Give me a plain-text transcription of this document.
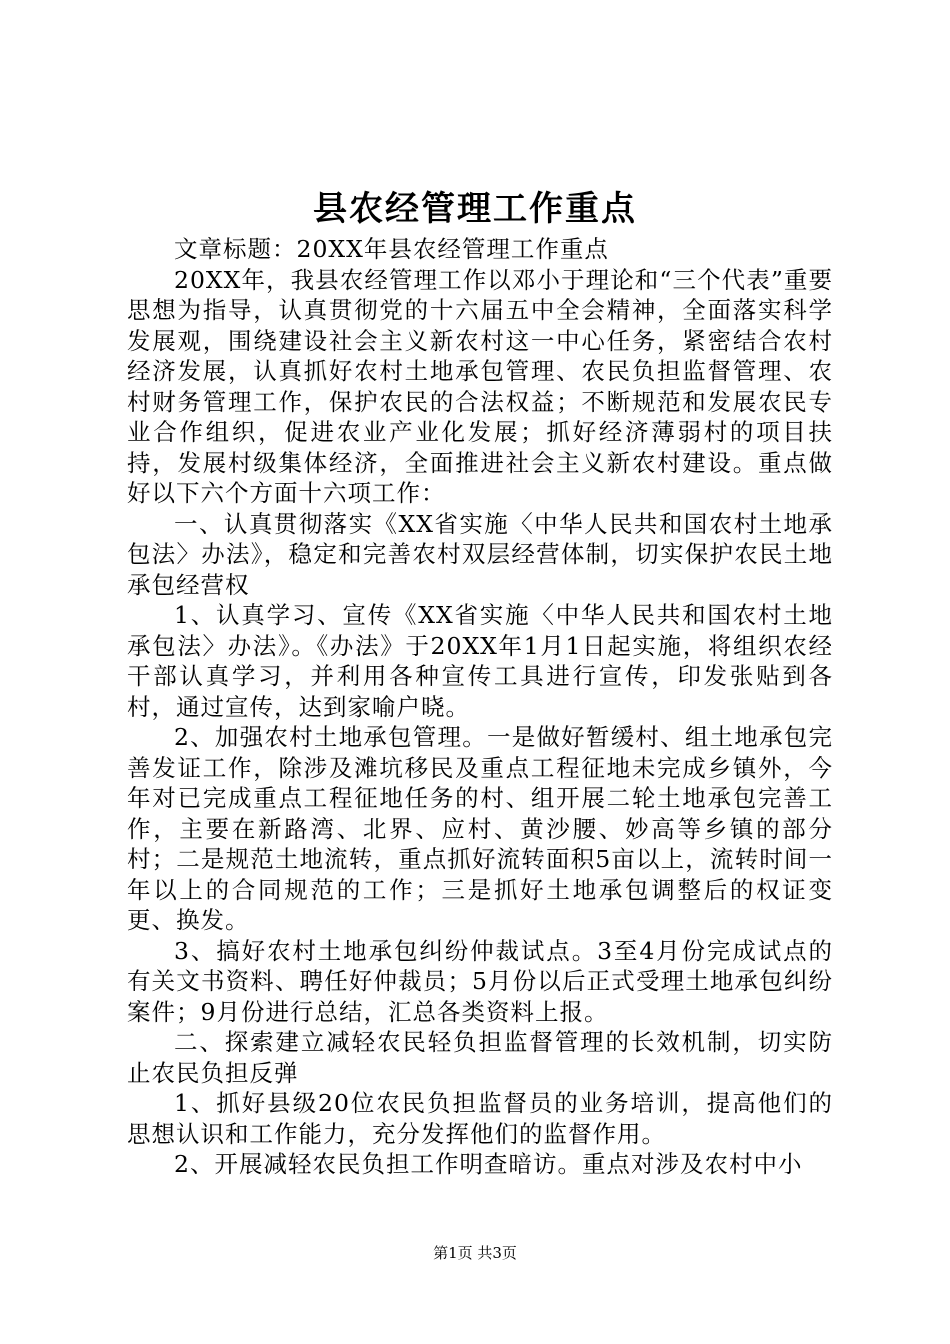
县农经管理工作重点

文章标题：20XX年县农经管理工作重点

20XX年，我县农经管理工作以邓小于理论和“三个代表”重要思想为指导，认真贯彻党的十六届五中全会精神，全面落实科学发展观，围绕建设社会主义新农村这一中心任务，紧密结合农村经济发展，认真抓好农村土地承包管理、农民负担监督管理、农村财务管理工作，保护农民的合法权益；不断规范和发展农民专业合作组织，促进农业产业化发展；抓好经济薄弱村的项目扶持，发展村级集体经济，全面推进社会主义新农村建设。重点做好以下六个方面十六项工作：

一、认真贯彻落实《XX省实施〈中华人民共和国农村土地承包法〉办法》，稳定和完善农村双层经营体制，切实保护农民土地承包经营权

1、认真学习、宣传《XX省实施〈中华人民共和国农村土地承包法〉办法》。《办法》于20XX年1月1日起实施，将组织农经干部认真学习，并利用各种宣传工具进行宣传，印发张贴到各村，通过宣传，达到家喻户晓。

2、加强农村土地承包管理。一是做好暂缓村、组土地承包完善发证工作，除涉及滩坑移民及重点工程征地未完成乡镇外，今年对已完成重点工程征地任务的村、组开展二轮土地承包完善工作，主要在新路湾、北界、应村、黄沙腰、妙高等乡镇的部分村；二是规范土地流转，重点抓好流转面积5亩以上，流转时间一年以上的合同规范的工作；三是抓好土地承包调整后的权证变更、换发。

3、搞好农村土地承包纠纷仲裁试点。3至4月份完成试点的有关文书资料、聘任好仲裁员；5月份以后正式受理土地承包纠纷案件；9月份进行总结，汇总各类资料上报。

二、探索建立减轻农民轻负担监督管理的长效机制，切实防止农民负担反弹

1、抓好县级20位农民负担监督员的业务培训，提高他们的思想认识和工作能力，充分发挥他们的监督作用。

2、开展减轻农民负担工作明查暗访。重点对涉及农村中小

第1页 共3页
